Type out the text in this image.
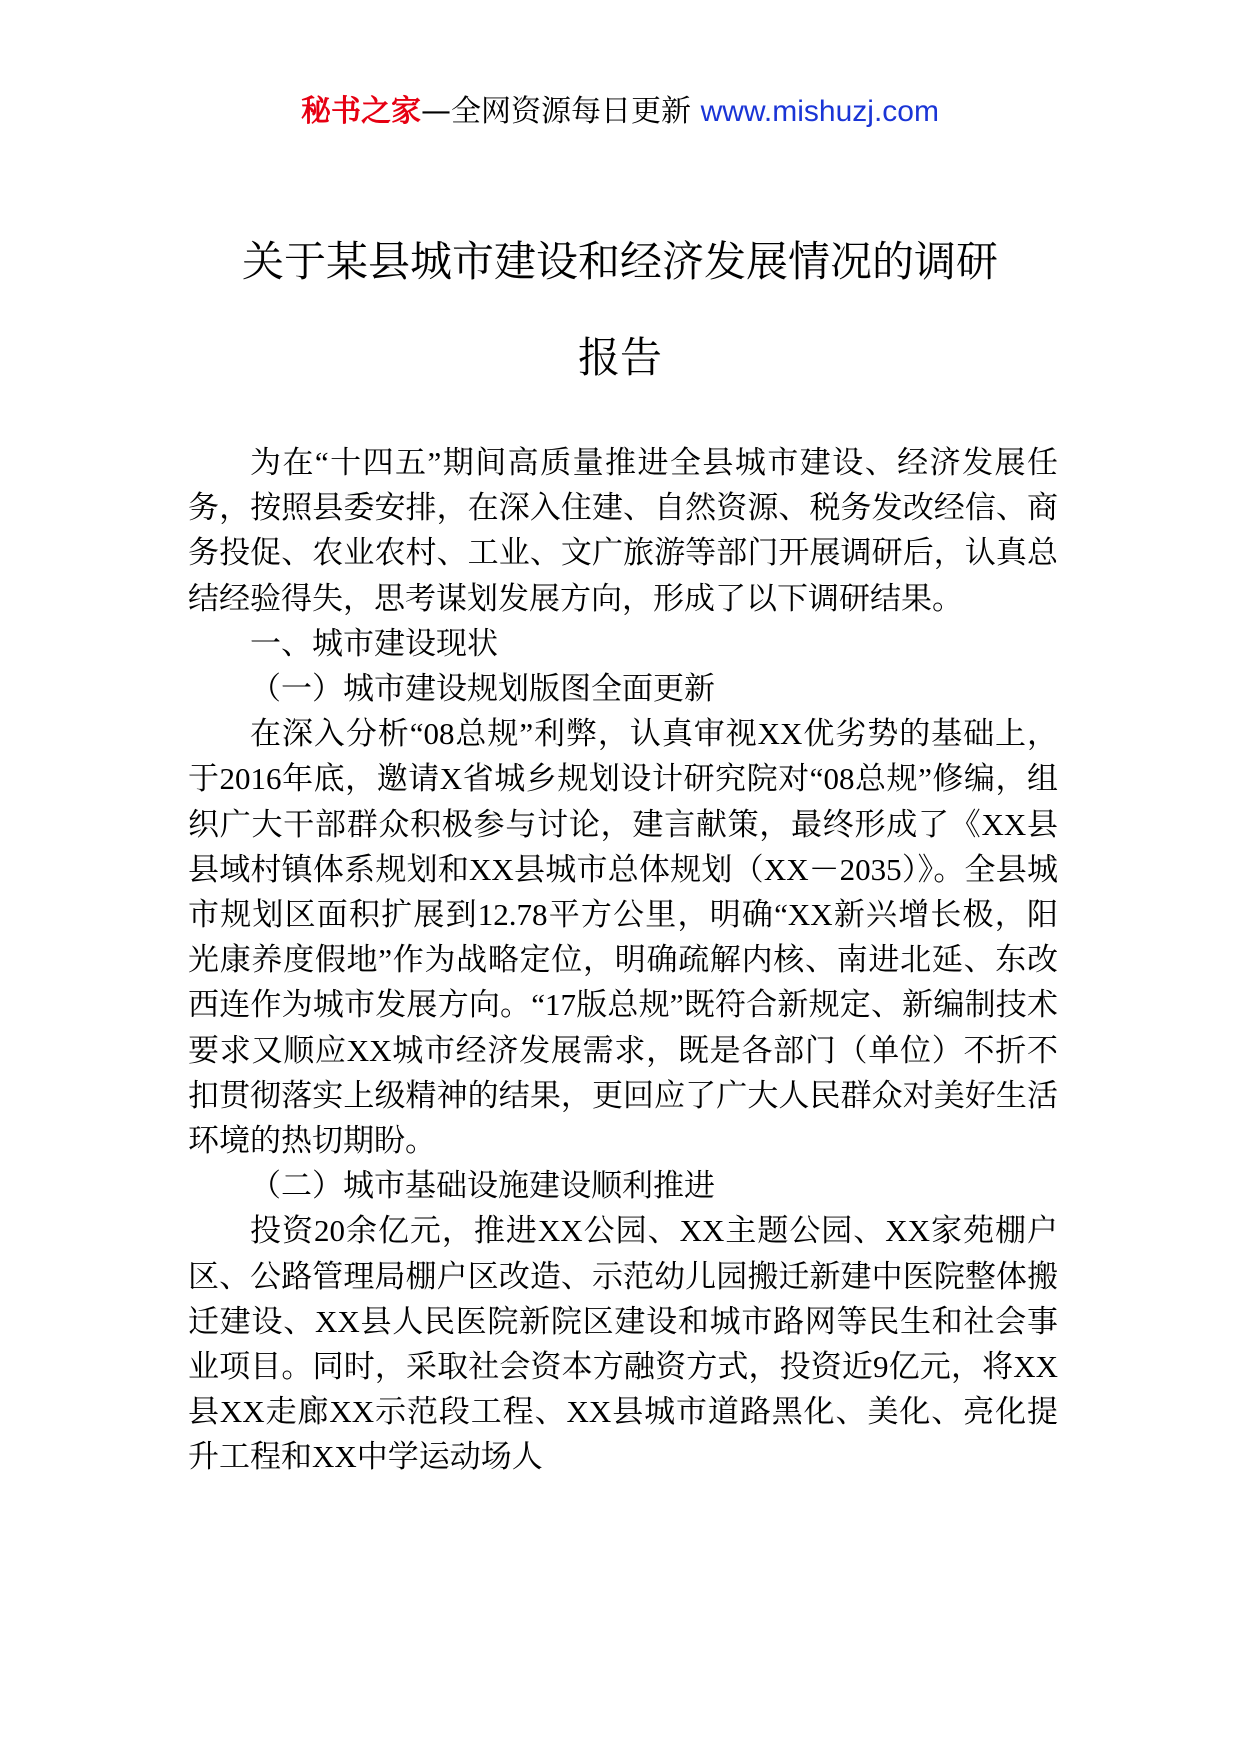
秘书之家—全网资源每日更新 www.mishuzj.com
关于某县城市建设和经济发展情况的调研
报告

为在“十四五”期间高质量推进全县城市建设、经济发展任务，按照县委安排，在深入住建、自然资源、税务发改经信、商务投促、农业农村、工业、文广旅游等部门开展调研后，认真总结经验得失，思考谋划发展方向，形成了以下调研结果。

一、城市建设现状

（一）城市建设规划版图全面更新

在深入分析“08总规”利弊，认真审视XX优劣势的基础上，于2016年底，邀请X省城乡规划设计研究院对“08总规”修编，组织广大干部群众积极参与讨论，建言献策，最终形成了《XX县县域村镇体系规划和XX县城市总体规划（XX－2035）》。全县城市规划区面积扩展到12.78平方公里，明确“XX新兴增长极，阳光康养度假地”作为战略定位，明确疏解内核、南进北延、东改西连作为城市发展方向。“17版总规”既符合新规定、新编制技术要求又顺应XX城市经济发展需求，既是各部门（单位）不折不扣贯彻落实上级精神的结果，更回应了广大人民群众对美好生活环境的热切期盼。

（二）城市基础设施建设顺利推进

投资20余亿元，推进XX公园、XX主题公园、XX家苑棚户区、公路管理局棚户区改造、示范幼儿园搬迁新建中医院整体搬迁建设、XX县人民医院新院区建设和城市路网等民生和社会事业项目。同时，采取社会资本方融资方式，投资近9亿元，将XX县XX走廊XX示范段工程、XX县城市道路黑化、美化、亮化提升工程和XX中学运动场人
